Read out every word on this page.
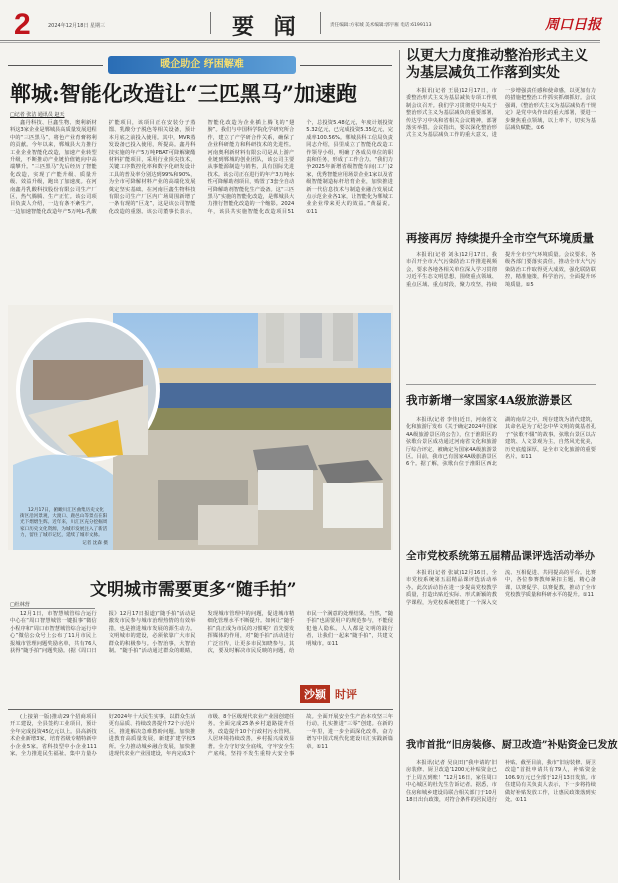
2	2024年12月18日 星期三	要 闻	责任编辑:方家城 美术编辑:郭宇雁 电话:6199113	周口日报
暖企助企 纾困解难
郸城:智能化改造让“三匹黑马”加速跑
□记者 张洁 通讯员 赵天
鑫丹科技、巨鑫生物、奥利新材料这3家企业是郸城县高质量发展进程中的“三匹黑马”，将色产业育膏将利的贡献。今年以来，郸城县大力推行工业企业智能化改造，加速产业转型升级，不断推动产业链价值链向中高端攀升。“三匹黑马”先后经历了智能化改造，实现了产能升级、质量升级、效益升级，跑出了加速度。在河南鑫丹乳酸科技股份有限公司生产厂区，热气腾腾、生产正忙。该公司项目负责人介绍，一边有条不紊生产，一边加速智能化改造年产5万吨L-乳酸扩能项目，该项目正在安装分子蒸馏、乳酸分子脱色等相关设备，预计本月底之前投入使用。其中，MVR蒸发设备已投入使用，所提高。鑫丹科技实施的年产5万吨PBAT可降解聚酯材料扩能项目，采用行业顶尖技术，关键工序数控化率和数字化研发设计工具的普及率分别达到99%和90%，为全市可降解材料产业的高端化发展奠定坚实基础。在河南巨鑫生物科技有限公司生产厂区内广场周围新增了一条有现的“巨龙”，这是该公司智能化改造的重器。该公司董事长表示，智能化改造为企业插上腾飞的“翅膀”。我们与中国科学院化学研究所合作，建立了产学研合作关系，确保了企业科研能力和科研技术的先进性。河南奥利新材料有限公司是从上游产业链到郸城的创业团队，该公司主要从事能源制造与销售，具有国际先进技术。该公司正在进行的年产3万吨水性可降解助剂项目，购置了3套全自动可降解助剂智能化生产设备。这“三匹黑马”实施的智能化改造，是郸城县大力推行智能化改造的一个缩影。2024年，该县共实施智能化改造项目51个，总投资5.48亿元，年度计划投资5.32亿元，已完成投资5.35亿元，完成率100.56%。郸城县科工信局负责同志介绍，县里成立了智能化改造工作领导小组，明确了各成员单位的职责和任务，形成了工作合力。“我们力争2025年新增省级智能车间(工厂)2家，优秀智能应用场景企业1家以及省级智能制造标杆培育企业，加快推进新一代信息技术与制造业融合发展试点示范企业各1家，让智能化为郸城工业企业带来更大的效益。”黄磊说。①11
12月17日，俯瞰川汇区曲集历史文化街区沿河景观，大渡口、鹿邑山等景点在阳光下熠熠生辉。近年来，川汇区充分挖掘周家口历史文化资源，为城市发展注入了新活力，留住了城市记忆，延续了城市文脉。
记者 沈森 摄
文明城市需要更多“随手拍”
□杜林营
12月1日，市智慧城管综合运行中心在“周口智慧城管一键报事”微信小程序和“周口市智慧城管综合运行中心”微信公众号上公布了11月市民上报城市管理问题奖励名单，共有76人获得“随手拍”问题奖励。(据《周口日报》12月17日报道)“随手拍”活动是激发市民参与城市治理热情的有效举措，也是推进城市发展的源生动力。文明城市的建设，必须依靠广大市民群众的积极参与。小智治事，大智治制。“随手拍”活动通过群众的眼睛，发现城市管理中的问题，促进城市精细化管理水平不断提升。如何让“随手拍”真正成为市民的习惯呢？首先要发挥媒体的作用，对“随手拍”活动进行广泛宣传，让更多市民知晓参与。其次，要及时解决市民反映的问题，给市民一个满意的处理结果。当然，“随手拍”也需要用户的规范参与，不能侵犯他人隐私。人人都是文明的践行者，让我们一起来“随手拍”，共建文明城市。①11
沙颍 时评
(上接第一版)推动29个招商项目开工建设，全县签约工业项目，预计全年完成投资45亿元以上。县高新技术企业新增3家，培育省级专精特新中小企业5家。省科技型中小企业111家。全力推进民生福祉。集中力量办好2024年十大民生实事，以群众生活更有品质、持续改善提升72个示范片区，推进解决急难愁盼问题。加快推进教育高质量发展，新建扩建学校5所。全力推动城乡融合发展，加快推进现代农业产业园建设，年内完成3个市级、8个区级现代农业产业园创建任务。全面完成25条乡村道路提升任务，改造提升10个行政村污水管网。人居环境持续改善，乡村振兴成效显著。全力守好安全底线，守牢安全生产底线，坚持不发生重特大安全事故。全面开展安全生产治本攻坚三年行动，扎实推进“三零”创建。在新的一年里，进一步全面深化改革，奋力谱写中国式现代化建设川汇实践新篇章。①11
以更大力度推动整治形式主义为基层减负工作落到实处
本报讯(记者 王晨)12月17日，市委整治形式主义为基层减负专项工作机制会议召开。我们学习贯彻党中央关于整治形式主义为基层减负的重要部署，传达学习中央和省相关会议精神，部署落实举措。会议指出，要以深化整治形式主义为基层减负工作的重大意义，进一步增强责任感和使命感，以更加有力的措施把整治工作抓实抓细抓好。会议强调，《整治形式主义为基层减负若干规定》是党中央作出的重大部署，要进一步聚焦重点领域，以上率下，切实为基层减负赋能。①6
再接再厉 持续提升全市空气环境质量
本报讯(记者 刘永)12月17日，我市召开全市大气污染防治工作推进视频会，要求各地各相关单位深入学习贯彻习近平生态文明思想，围绕重点领域、重点区域、重点时段，聚力攻坚，持续提升全市空气环境质量。会议要求，各级各部门要落实责任，推动全市大气污染防治工作取得更大成效，强化联防联控，精准施策，科学治污，全面提升环境质量。①5
我市新增一家国家4A级旅游景区
本报讯(记者 李佳)近日，河南省文化和旅游厅发布《关于确定2024年国家4A级旅游景区的公告》，位于淮阳区的弦歌台景区成功通过河南省文化和旅游厅综合评定，被确定为国家4A级旅游景区。目前，我市已有国家4A级旅游景区6个。据了解，弦歌台位于淮阳区西北湖的南岸之中，现存建筑为清代建筑，其命名是为了纪念中华文明的奠基者孔子“弦歌不辍”的故事。弦歌台景区以古建筑、人文景观为主，自然风光优美，历史底蕴深厚，是全市文化旅游的重要名片。①11
全市党校系统第五届精品课评选活动举办
本报讯(记者 张斌)12月16日，全市党校系统第五届精品课评选活动举办。此次活动旨在进一步提高党校教学质量，打造出贴近实际、形式新颖的教学课程，为党校系统搭建了一个深入交流、互相促进、共同提高的平台。比赛中，各位参赛教师紧扣主题，精心备课，以赛促学、以赛促教，推动了全市党校教学质量和科研水平的提升。①11
我市首批“旧房装修、厨卫改造”补贴资金已发放
本报讯(记者 吴良田)“我申请的‘旧房装修、厨卫改造’1200元补贴资金已于上周五到账！”12月16日，家住周口中心城区的杜先生告诉记者。据悉，市住房和城乡建设局联合相关部门于10月18日出台政策，对符合条件的居民进行补贴。截至目前，我市“旧房装修、厨卫改造”首批申请共有79人，补贴资金106.9万元已全部于12月13日发放。市住建局有关负责人表示，下一步将持续做好补贴发放工作，让惠民政策落到实处。①11
